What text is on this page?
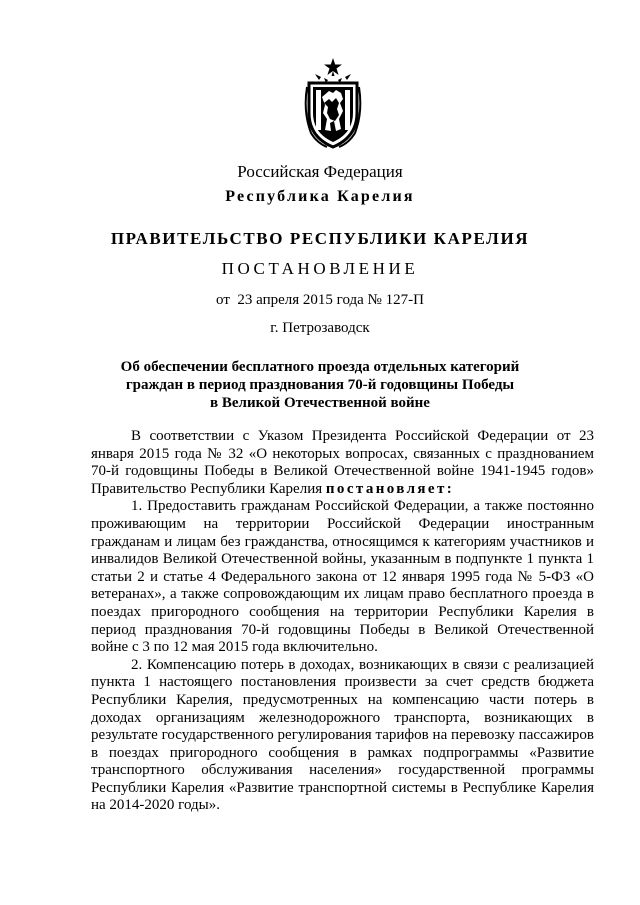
Российская Федерация
Республика Карелия
ПРАВИТЕЛЬСТВО РЕСПУБЛИКИ КАРЕЛИЯ
ПОСТАНОВЛЕНИЕ
от  23 апреля 2015 года № 127-П
г. Петрозаводск
Об обеспечении бесплатного проезда отдельных категорий
граждан в период празднования 70-й годовщины Победы
в Великой Отечественной войне

В соответствии с Указом Президента Российской Федерации от 23 января 2015 года № 32 «О некоторых вопросах, связанных с празднованием 70-й годовщины Победы в Великой Отечественной войне 1941-1945 годов» Правительство Республики Карелия постановляет:

1. Предоставить гражданам Российской Федерации, а также постоянно проживающим на территории Российской Федерации иностранным гражданам и лицам без гражданства, относящимся к категориям участников и инвалидов Великой Отечественной войны, указанным в подпункте 1 пункта 1 статьи 2 и статье 4 Федерального закона от 12 января 1995 года № 5-ФЗ «О ветеранах», а также сопровождающим их лицам право бесплатного проезда в поездах пригородного сообщения на территории Республики Карелия в период празднования 70-й годовщины Победы в Великой Отечественной войне с 3 по 12 мая 2015 года включительно.

2. Компенсацию потерь в доходах, возникающих в связи с реализацией пункта 1 настоящего постановления произвести за счет средств бюджета Республики Карелия, предусмотренных на компенсацию части потерь в доходах организациям железнодорожного транспорта, возникающих в результате государственного регулирования тарифов на перевозку пассажиров в поездах пригородного сообщения в рамках подпрограммы «Развитие транспортного обслуживания населения» государственной программы Республики Карелия «Развитие транспортной системы в Республике Карелия на 2014-2020 годы».
